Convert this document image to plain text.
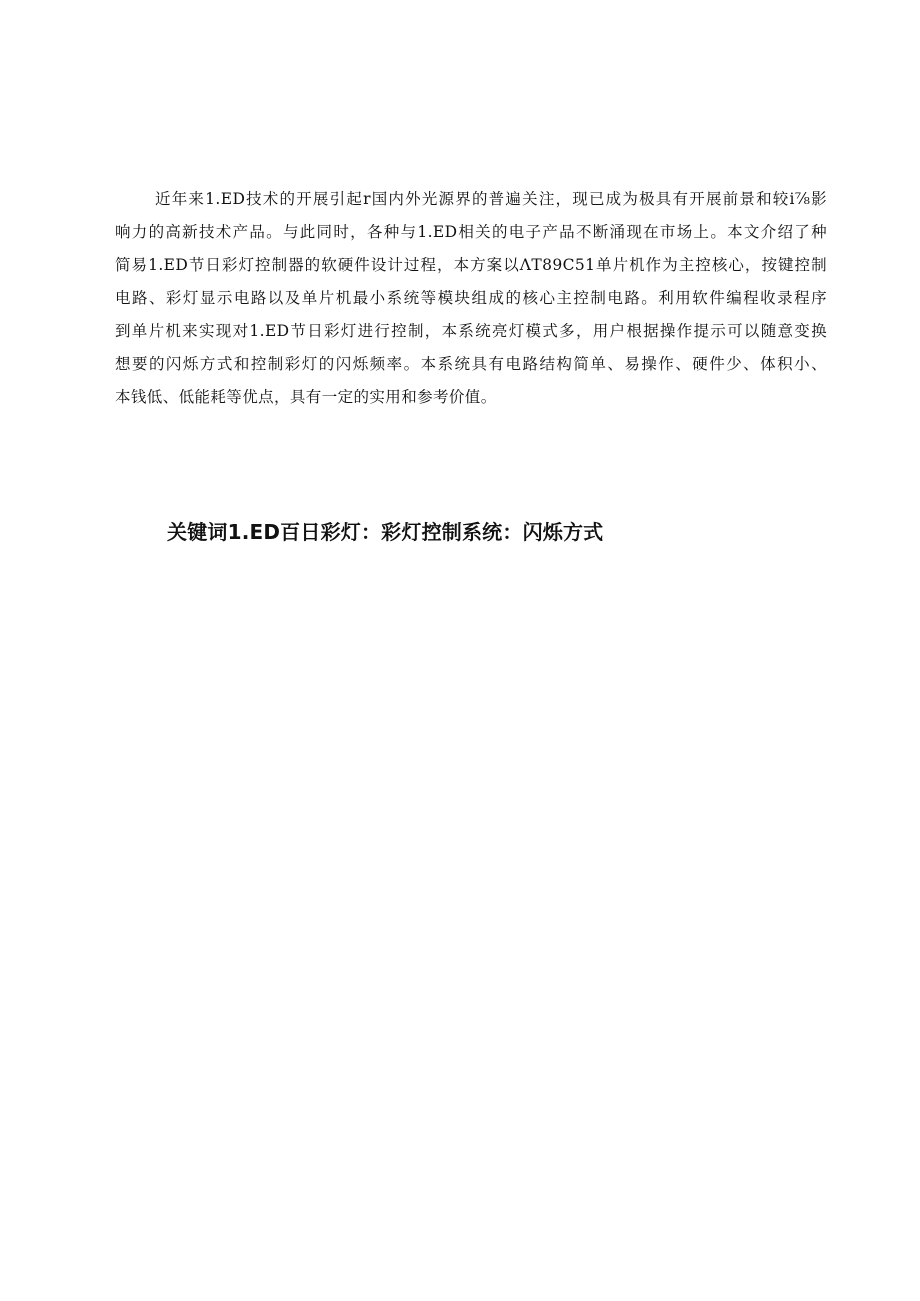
近年来1.ED技术的开展引起r国内外光源界的普遍关注，现已成为极具有开展前景和较i⅞影
响力的高新技术产品。与此同时，各种与1.ED相关的电子产品不断涌现在市场上。本文介绍了种
简易1.ED节日彩灯控制器的软硬件设计过程，本方案以ΛT89C51单片机作为主控核心，按键控制
电路、彩灯显示电路以及单片机最小系统等模块组成的核心主控制电路。利用软件编程收录程序
到单片机来实现对1.ED节日彩灯进行控制，本系统亮灯模式多，用户根据操作提示可以随意变换
想要的闪烁方式和控制彩灯的闪烁频率。本系统具有电路结构简单、易操作、硬件少、体积小、
本钱低、低能耗等优点，具有一定的实用和参考价值。
关键词1.ED百日彩灯：彩灯控制系统：闪烁方式
